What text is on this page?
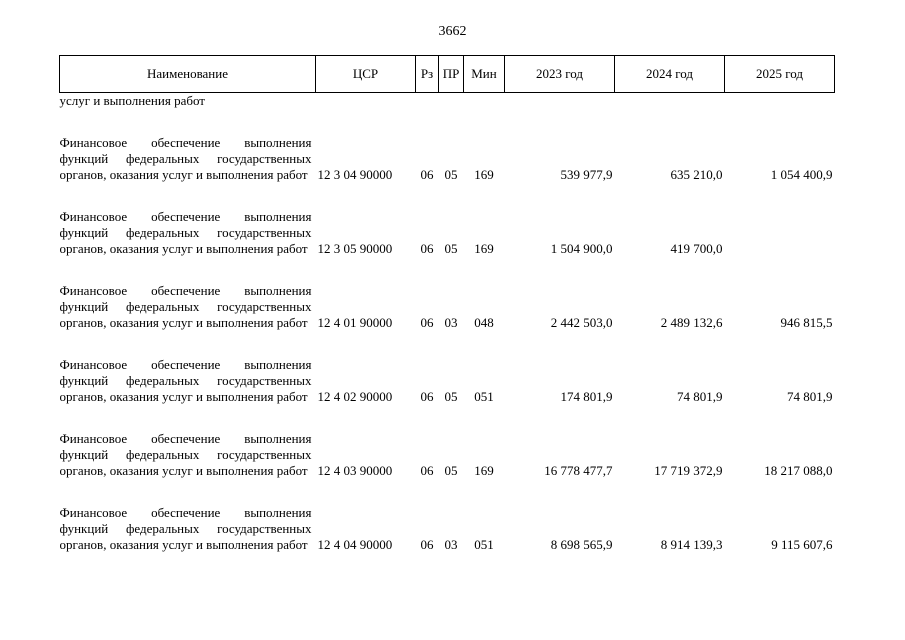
3662
Наименование	ЦСР	Рз	ПР	Мин	2023 год	2024 год	2025 год
услуг и выполнения работ							
Финансовое обеспечение выполнения функций федеральных государственных органов, оказания услуг и выполнения работ	12 3 04 90000	06	05	169	539 977,9	635 210,0	1 054 400,9
Финансовое обеспечение выполнения функций федеральных государственных органов, оказания услуг и выполнения работ	12 3 05 90000	06	05	169	1 504 900,0	419 700,0	
Финансовое обеспечение выполнения функций федеральных государственных органов, оказания услуг и выполнения работ	12 4 01 90000	06	03	048	2 442 503,0	2 489 132,6	946 815,5
Финансовое обеспечение выполнения функций федеральных государственных органов, оказания услуг и выполнения работ	12 4 02 90000	06	05	051	174 801,9	74 801,9	74 801,9
Финансовое обеспечение выполнения функций федеральных государственных органов, оказания услуг и выполнения работ	12 4 03 90000	06	05	169	16 778 477,7	17 719 372,9	18 217 088,0
Финансовое обеспечение выполнения функций федеральных государственных органов, оказания услуг и выполнения работ	12 4 04 90000	06	03	051	8 698 565,9	8 914 139,3	9 115 607,6
